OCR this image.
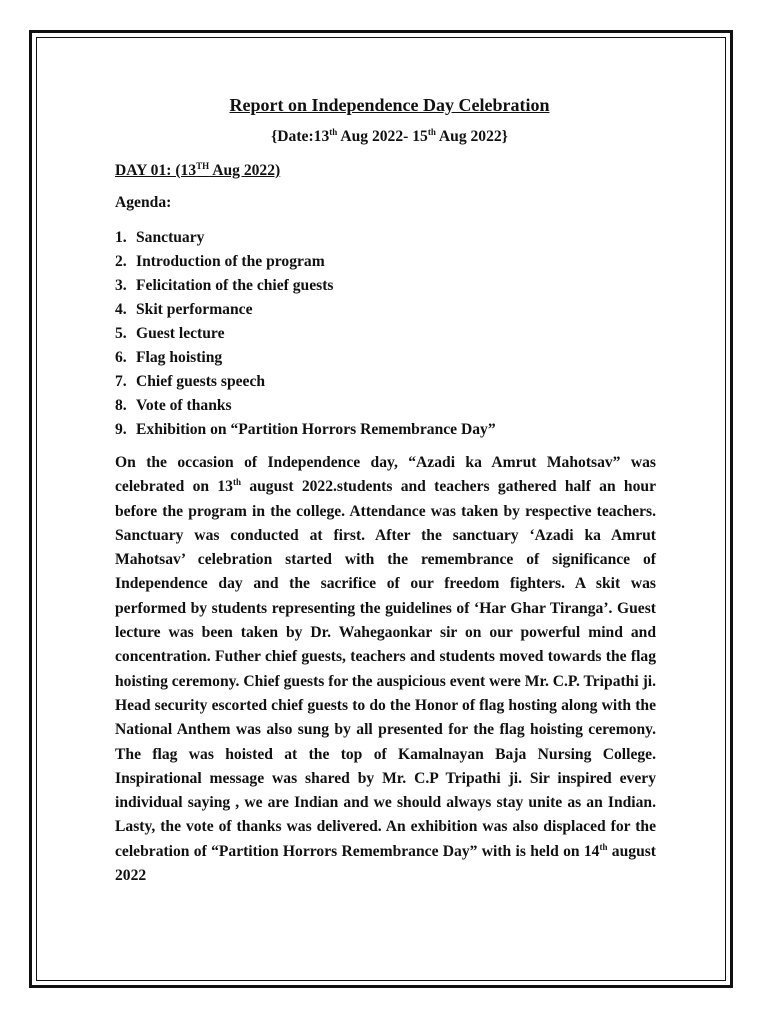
Report on Independence Day Celebration

{Date:13th Aug 2022- 15th Aug 2022}

DAY 01: (13TH Aug 2022)

Agenda:

1. Sanctuary
2. Introduction of the program
3. Felicitation of the chief guests
4. Skit performance
5. Guest lecture
6. Flag hoisting
7. Chief guests speech
8. Vote of thanks
9. Exhibition on “Partition Horrors Remembrance Day”

On the occasion of Independence day, “Azadi ka Amrut Mahotsav” was celebrated on 13th august 2022.students and teachers gathered half an hour before the program in the college. Attendance was taken by respective teachers. Sanctuary was conducted at first. After the sanctuary ‘Azadi ka Amrut Mahotsav’ celebration started with the remembrance of significance of Independence day and the sacrifice of our freedom fighters. A skit was performed by students representing the guidelines of ‘Har Ghar Tiranga’. Guest lecture was been taken by Dr. Wahegaonkar sir on our powerful mind and concentration. Futher chief guests, teachers and students moved towards the flag hoisting ceremony. Chief guests for the auspicious event were Mr. C.P. Tripathi ji. Head security escorted chief guests to do the Honor of flag hosting along with the National Anthem was also sung by all presented for the flag hoisting ceremony. The flag was hoisted at the top of Kamalnayan Baja Nursing College. Inspirational message was shared by Mr. C.P Tripathi ji. Sir inspired every individual saying , we are Indian and we should always stay unite as an Indian. Lasty, the vote of thanks was delivered. An exhibition was also displaced for the celebration of “Partition Horrors Remembrance Day” with is held on 14th august 2022
